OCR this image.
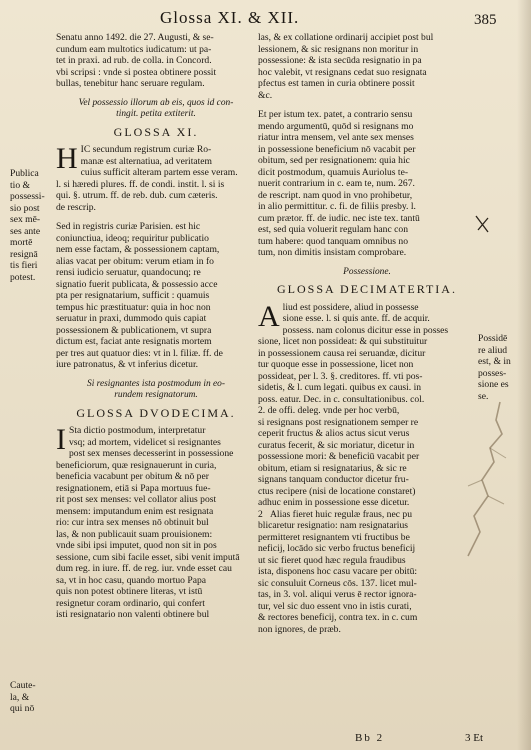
Glossa XI. & XII.	385

Senatu anno 1492. die 27. Augusti, & se-

cundum eam multotics iudicatum: ut pa-

tet in praxi. ad rub. de colla. in Concord.

vbi scripsi : vnde si postea obtinere possit

bullas, tenebitur hanc seruare regulam.

Vel possessio illorum ab eis, quos id con-

tingit. petita extiterit.

GLOSSA XI.
H IC secundum registrum curiæ Ro-

manæ est alternatiua, ad veritatem

cuius sufficit alteram partem esse veram.

l. si hæredi plures. ff. de condi. instit. l. si is

qui. §. utrum. ff. de reb. dub. cum cæteris.

de rescrip.

Sed in registris curiæ Parisien. est hic

coniunctiua, ideoq; requiritur publicatio

nem esse factam, & possessionem captam,

alias vacat per obitum: verum etiam in fo

rensi iudicio seruatur, quandocunq; re

signatio fuerit publicata, & possessio acce

pta per resignatarium, sufficit : quamuis

tempus hic præstituatur: quia in hoc non

seruatur in praxi, dummodo quis capiat

possessionem & publicationem, vt supra

dictum est, faciat ante resignatis mortem

per tres aut quatuor dies: vt in l. filiæ. ff. de

iure patronatus, & vt inferius dicetur.

Si resignantes ista postmodum in eo-

rundem resignatorum.

GLOSSA DVODECIMA.
I Sta dictio postmodum, interpretatur

vsq; ad mortem, videlicet si resignantes

post sex menses decesserint in possessione

beneficiorum, quæ resignauerunt in curia,

beneficia vacabunt per obitum & nō per

resignationem, etiā si Papa mortuus fue-

rit post sex menses: vel collator alius post

mensem: imputandum enim est resignata

rio: cur intra sex menses nō obtinuit bul

las, & non publicauit suam prouisionem:

vnde sibi ipsi imputet, quod non sit in pos

sessione, cum sibi facile esset, sibi venit imputā

dum reg. in iure. ff. de reg. iur. vnde esset cau

sa, vt in hoc casu, quando mortuo Papa

quis non potest obtinere literas, vt istū

resignetur coram ordinario, qui confert

isti resignatario non valenti obtinere bul

Publica

tio &

possessi-

sio post

sex mē-

ses ante

mortē

resignā

tis fieri

potest.

Caute-

la, &

qui nō

las, & ex collatione ordinarij accipiet post bul

lessionem, & sic resignans non moritur in

possessione: & ista secūda resignatio in pa

hoc valebit, vt resignans cedat suo resignata

pfectus est tamen in curia obtinere possit

&c.

Et per istum tex. patet, a contrario sensu

mendo argumentū, quōd si resignans mo

riatur intra mensem, vel ante sex menses

in possessione beneficium nō vacabit per

obitum, sed per resignationem: quia hic

dicit postmodum, quamuis Auriolus te-

nuerit contrarium in c. eam te, num. 267.

de rescript. nam quod in vno prohibetur,

in alio permittitur. c. fi. de filiis presby. l.

cum prætor. ff. de iudic. nec iste tex. tantū

est, sed quia voluerit regulam hanc con

tum habere: quod tanquam omnibus no

tum, non dimitis insistam comprobare.

Possessione.
GLOSSA DECIMATERTIA.
A liud est possidere, aliud in possesse

sione esse. l. si quis ante. ff. de acquir.

possess. nam colonus dicitur esse in posses

sione, licet non possideat: & qui substituitur

in possessionem causa rei seruandæ, dicitur

tur quoque esse in possessione, licet non

possideat, per l. 3. §. creditores. ff. vti pos-

sidetis, & l. cum legati. quibus ex causi. in

poss. eatur. Dec. in c. consultationibus. col.

2. de offi. deleg. vnde per hoc verbū,

si resignans post resignationem semper re

ceperit fructus & alios actus sicut verus

curatus fecerit, & sic moriatur, dicetur in

possessione mori: & beneficiū vacabit per

obitum, etiam si resignatarius, & sic re

signans tanquam conductor dicetur fru-

ctus recipere (nisi de locatione constaret)

adhuc enim in possessione esse dicetur.

2 Alias fieret huic regulæ fraus, nec pu

blicaretur resignatio: nam resignatarius

permitteret resignantem vti fructibus be

neficij, locādo sic verbo fructus beneficij

ut sic fieret quod hæc regula fraudibus

ista, disponens hoc casu vacare per obitū:

sic consuluit Corneus cōs. 137. licet mul-

tas, in 3. vol. aliqui verus ē rector ignora-

tur, vel sic duo essent vno in istis curati,

& rectores beneficij, contra tex. in c. cum

non ignores, de præb.

Possidē

re aliud

est, & in

posses-

sione es

se.

Bb 2	3 Et
